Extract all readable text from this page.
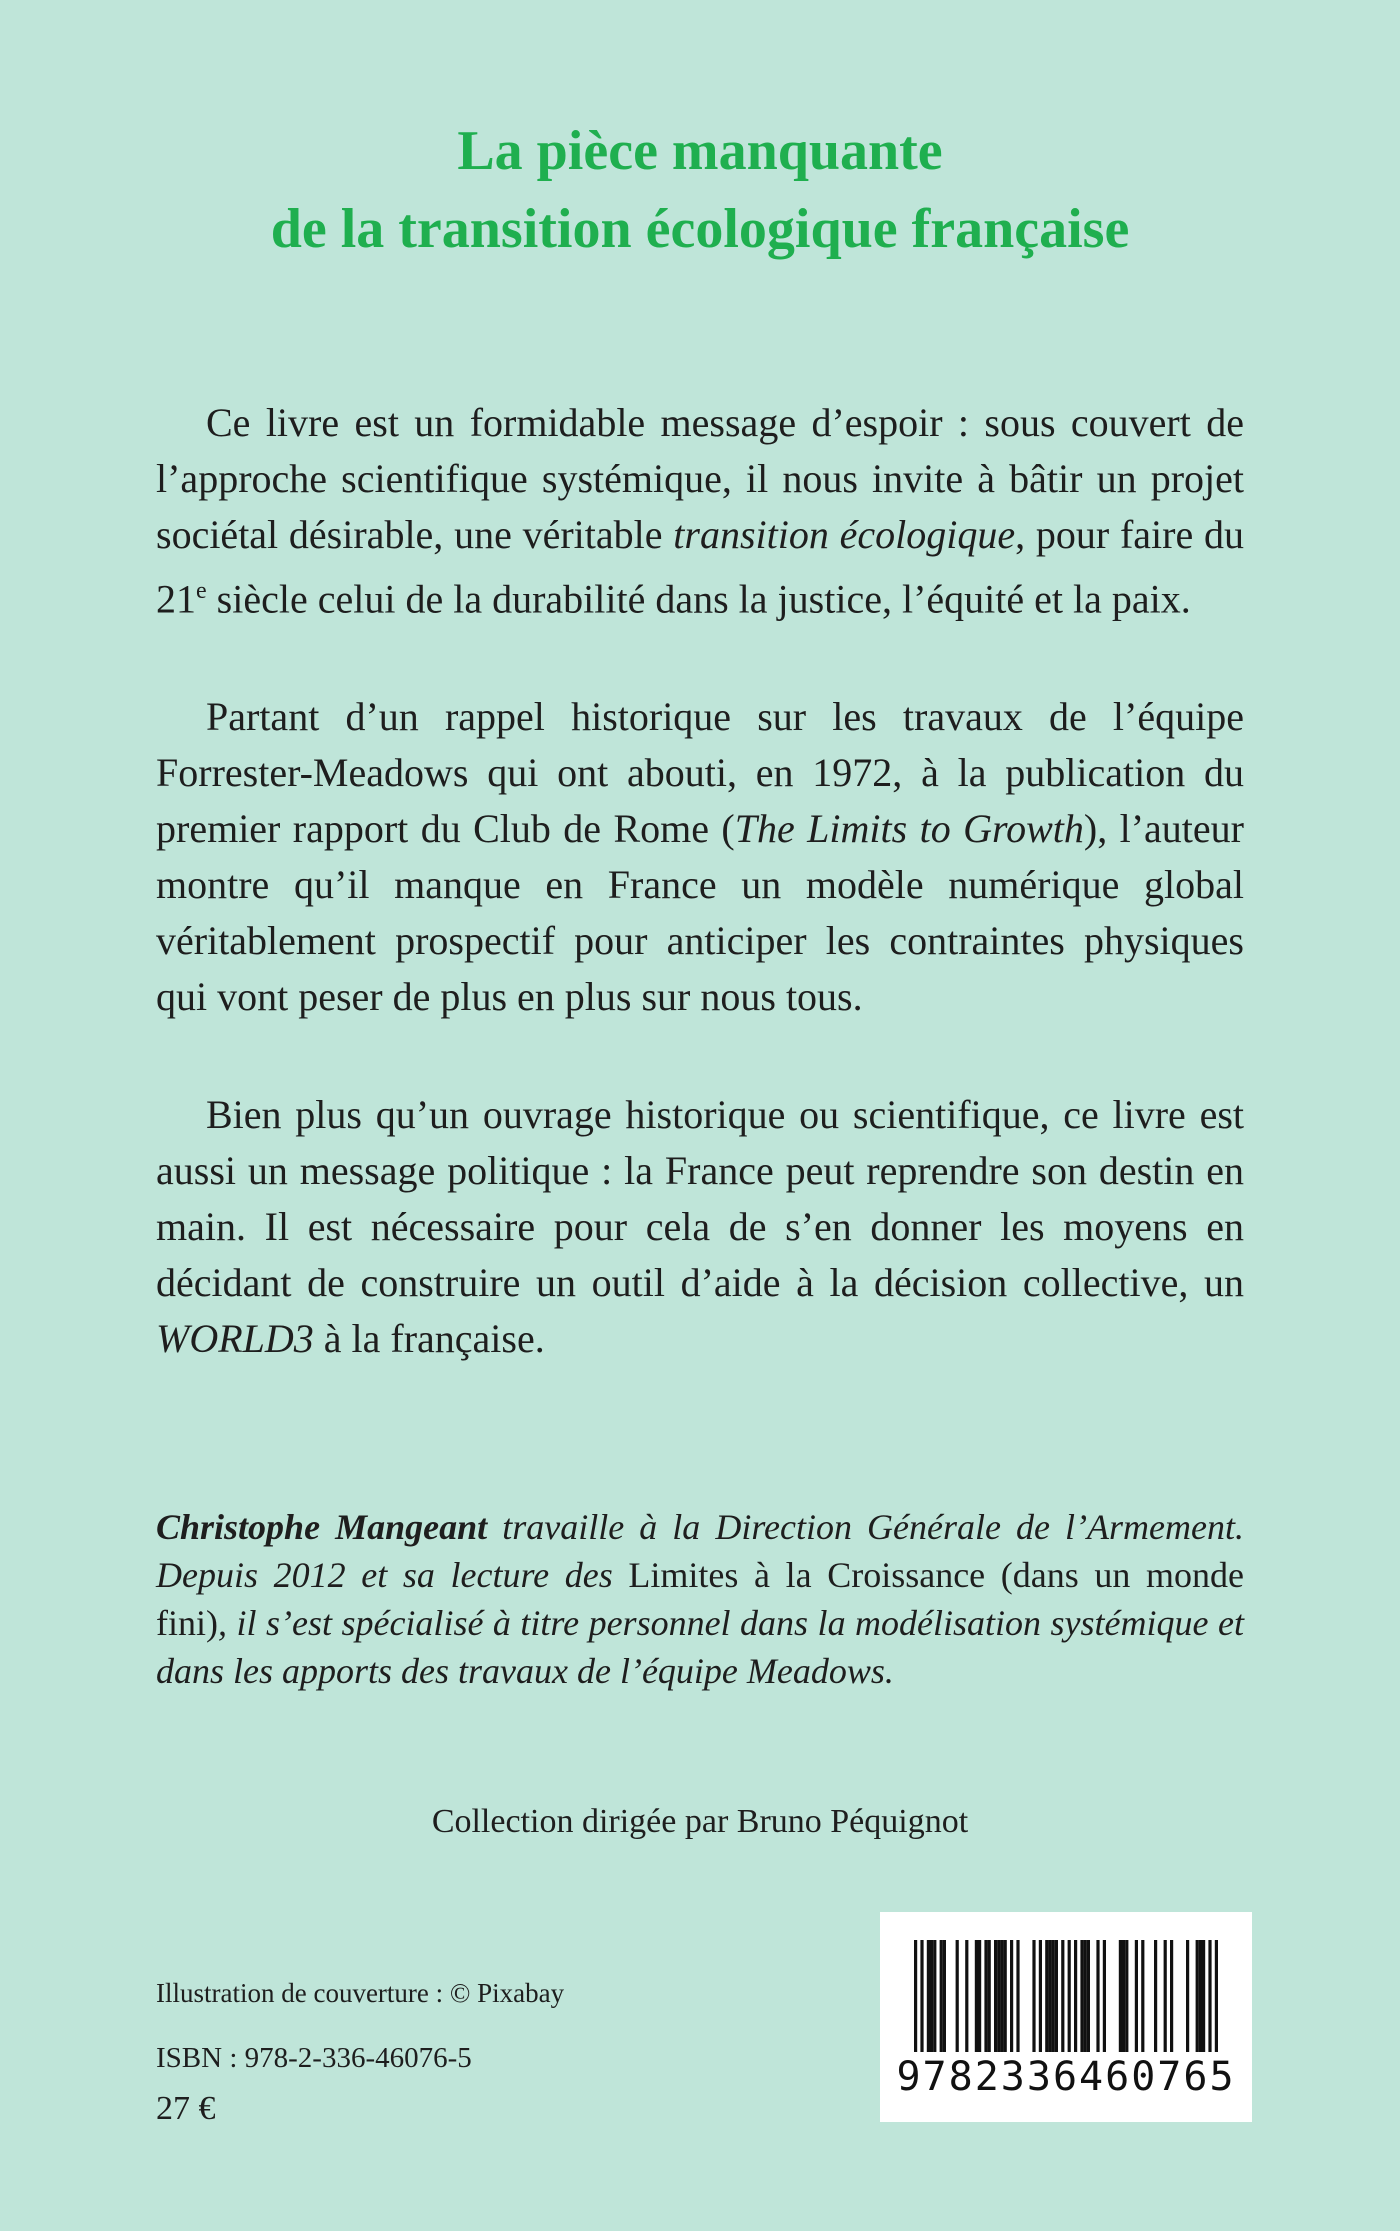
La pièce manquante
de la transition écologique française

Ce livre est un formidable message d’espoir : sous couvert de l’approche scientifique systémique, il nous invite à bâtir un projet sociétal désirable, une véritable transition écologique, pour faire du 21e siècle celui de la durabilité dans la justice, l’équité et la paix.

Partant d’un rappel historique sur les travaux de l’équipe Forrester-Meadows qui ont abouti, en 1972, à la publication du premier rapport du Club de Rome (The Limits to Growth), l’auteur montre qu’il manque en France un modèle numérique global véritablement prospectif pour anticiper les contraintes physiques qui vont peser de plus en plus sur nous tous.

Bien plus qu’un ouvrage historique ou scientifique, ce livre est aussi un message politique : la France peut reprendre son destin en main. Il est nécessaire pour cela de s’en donner les moyens en décidant de construire un outil d’aide à la décision collective, un WORLD3 à la française.

Christophe Mangeant travaille à la Direction Générale de l’Armement. Depuis 2012 et sa lecture des Limites à la Croissance (dans un monde fini), il s’est spécialisé à titre personnel dans la modélisation systémique et dans les apports des travaux de l’équipe Meadows.

Collection dirigée par Bruno Péquignot
Illustration de couverture : © Pixabay
ISBN : 978-2-336-46076-5
27 €
9782336460765
